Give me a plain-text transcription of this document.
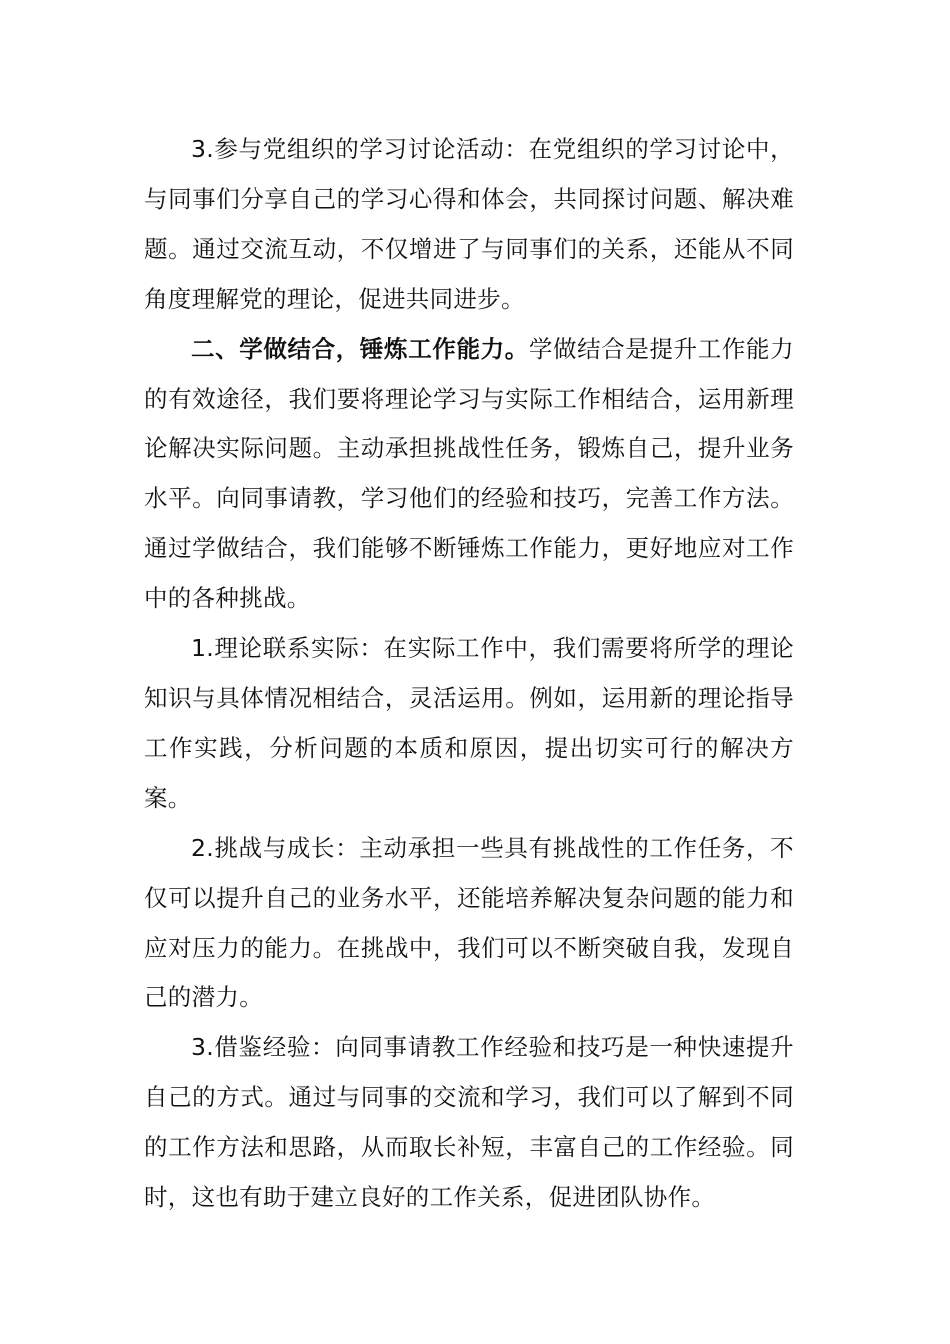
3.参与党组织的学习讨论活动：在党组织的学习讨论中，与同事们分享自己的学习心得和体会，共同探讨问题、解决难题。通过交流互动，不仅增进了与同事们的关系，还能从不同角度理解党的理论，促进共同进步。

二、学做结合，锤炼工作能力。学做结合是提升工作能力的有效途径，我们要将理论学习与实际工作相结合，运用新理论解决实际问题。主动承担挑战性任务，锻炼自己，提升业务水平。向同事请教，学习他们的经验和技巧，完善工作方法。通过学做结合，我们能够不断锤炼工作能力，更好地应对工作中的各种挑战。

1.理论联系实际：在实际工作中，我们需要将所学的理论知识与具体情况相结合，灵活运用。例如，运用新的理论指导工作实践，分析问题的本质和原因，提出切实可行的解决方案。

2.挑战与成长：主动承担一些具有挑战性的工作任务，不仅可以提升自己的业务水平，还能培养解决复杂问题的能力和应对压力的能力。在挑战中，我们可以不断突破自我，发现自己的潜力。

3.借鉴经验：向同事请教工作经验和技巧是一种快速提升自己的方式。通过与同事的交流和学习，我们可以了解到不同的工作方法和思路，从而取长补短，丰富自己的工作经验。同时，这也有助于建立良好的工作关系，促进团队协作。
